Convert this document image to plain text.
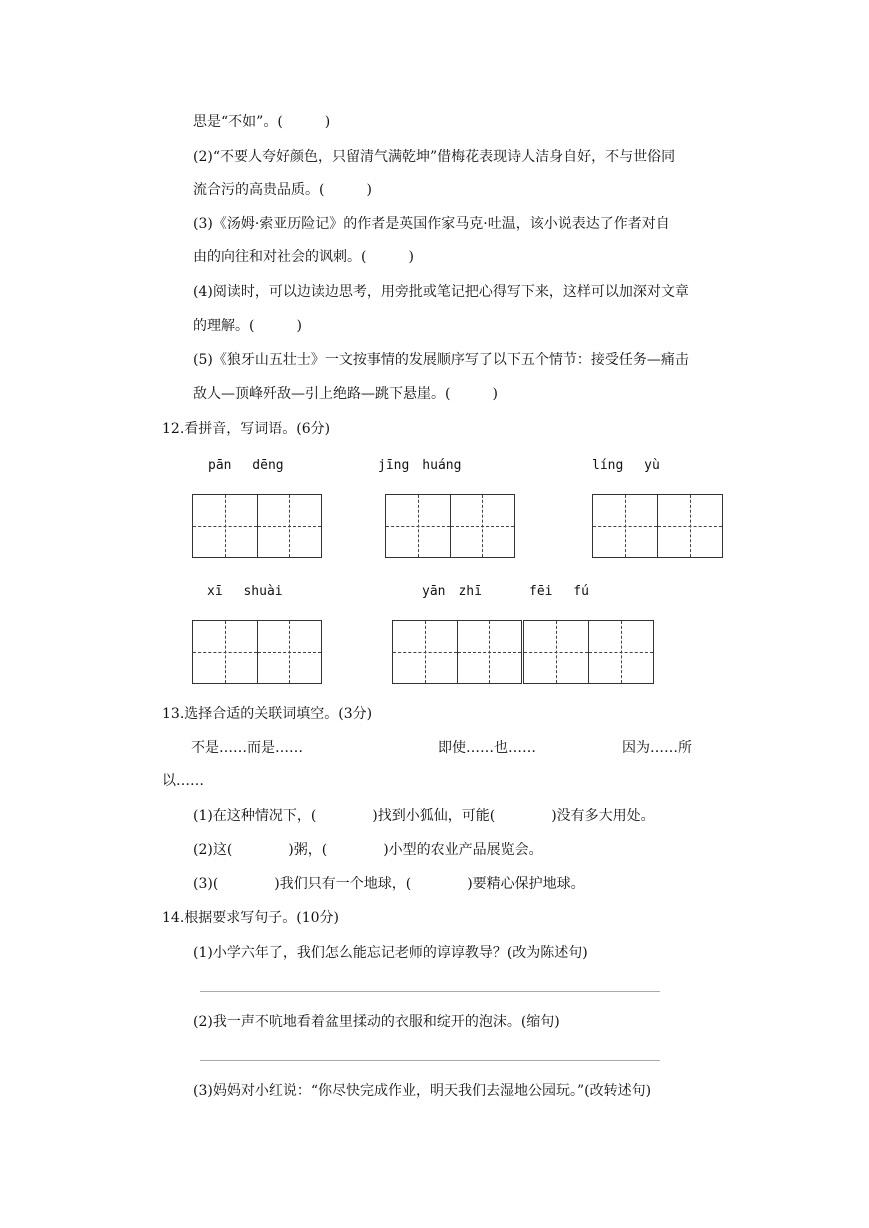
思是“不如”。(　　　)
(2)“不要人夸好颜色，只留清气满乾坤”借梅花表现诗人洁身自好，不与世俗同
流合污的高贵品质。(　　　)
(3)《汤姆·索亚历险记》的作者是英国作家马克·吐温，该小说表达了作者对自
由的向往和对社会的讽刺。(　　　)
(4)阅读时，可以边读边思考，用旁批或笔记把心得写下来，这样可以加深对文章
的理解。(　　　)
(5)《狼牙山五壮士》一文按事情的发展顺序写了以下五个情节：接受任务—痛击
敌人—顶峰歼敌—引上绝路—跳下悬崖。(　　　)
12.看拼音，写词语。(6分)
pān　 dēng	jīng　huáng	líng　 yù
xī　 shuài	yān　zhī	fēi　 fú
13.选择合适的关联词填空。(3分)
不是……而是……	即使……也……	因为……所
以……
(1)在这种情况下，(　　　　)找到小狐仙，可能(　　　　)没有多大用处。
(2)这(　　　　)粥，(　　　　)小型的农业产品展览会。
(3)(　　　　)我们只有一个地球，(　　　　)要精心保护地球。
14.根据要求写句子。(10分)
(1)小学六年了，我们怎么能忘记老师的谆谆教导？(改为陈述句)
(2)我一声不吭地看着盆里揉动的衣服和绽开的泡沫。(缩句)
(3)妈妈对小红说：“你尽快完成作业，明天我们去湿地公园玩。”(改转述句)
